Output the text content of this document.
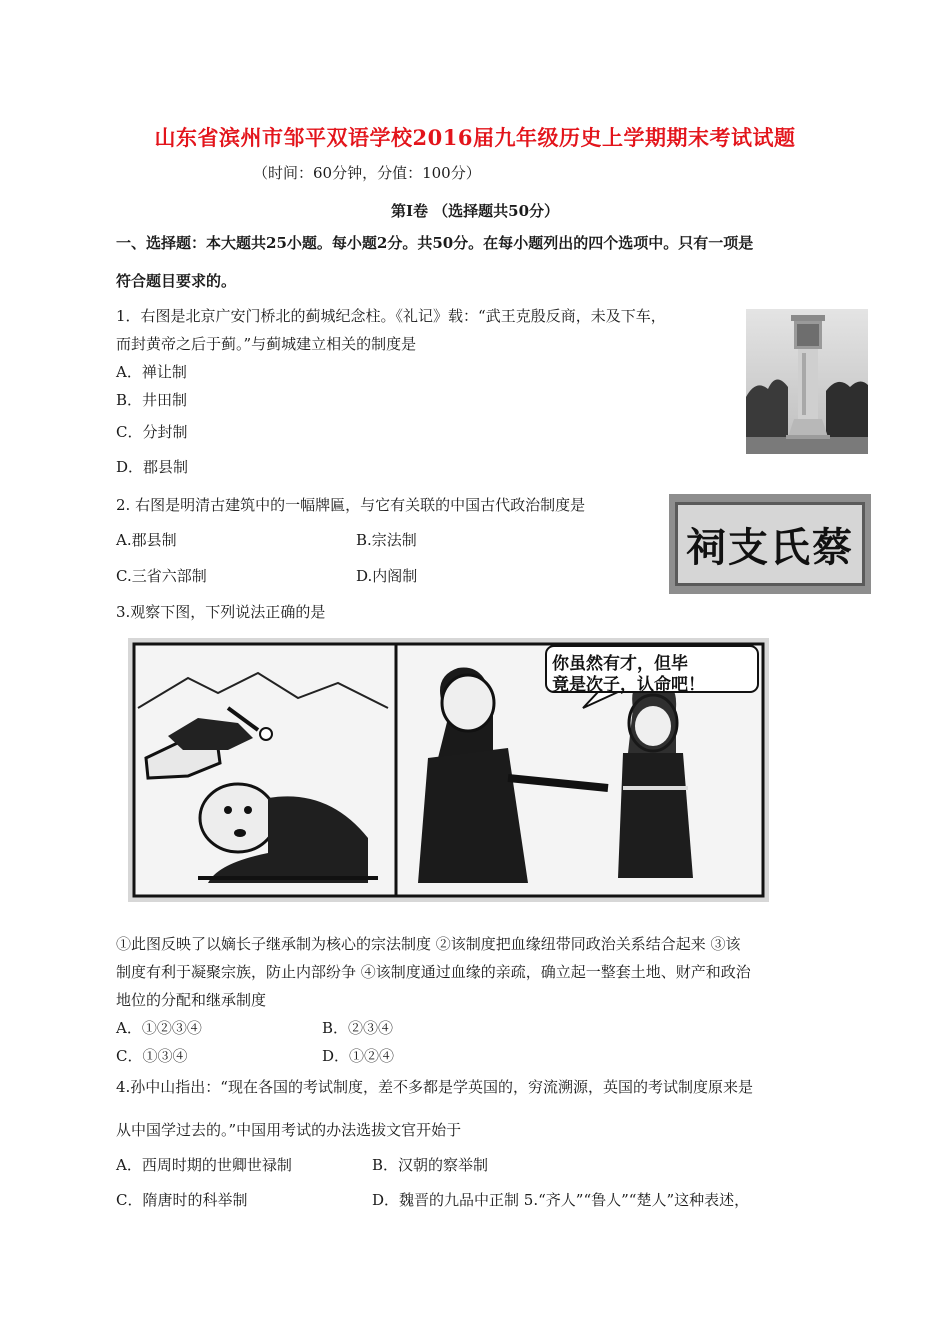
山东省滨州市邹平双语学校2016届九年级历史上学期期末考试试题
（时间：60分钟，分值：100分）
第Ⅰ卷 （选择题共50分）
一、选择题：本大题共25小题。每小题2分。共50分。在每小题列出的四个选项中。只有一项是
符合题目要求的。
1．右图是北京广安门桥北的蓟城纪念柱。《礼记》载：“武王克殷反商，未及下车，
而封黄帝之后于蓟。”与蓟城建立相关的制度是
A．禅让制
B．井田制
C．分封制
D．郡县制
2. 右图是明清古建筑中的一幅牌匾，与它有关联的中国古代政治制度是
A.郡县制	B.宗法制
C.三省六部制	D.内阁制
祠支氏蔡
3.观察下图，下列说法正确的是
你虽然有才，但毕
竟是次子，认命吧！
①此图反映了以嫡长子继承制为核心的宗法制度 ②该制度把血缘纽带同政治关系结合起来 ③该
制度有利于凝聚宗族，防止内部纷争 ④该制度通过血缘的亲疏，确立起一整套土地、财产和政治
地位的分配和继承制度
A．①②③④	B．②③④
C．①③④	D．①②④
4.孙中山指出：“现在各国的考试制度，差不多都是学英国的，穷流溯源，英国的考试制度原来是
从中国学过去的。”中国用考试的办法选拔文官开始于
A．西周时期的世卿世禄制	B．汉朝的察举制
C．隋唐时的科举制	D．魏晋的九品中正制 5.“齐人”“鲁人”“楚人”这种表述，
